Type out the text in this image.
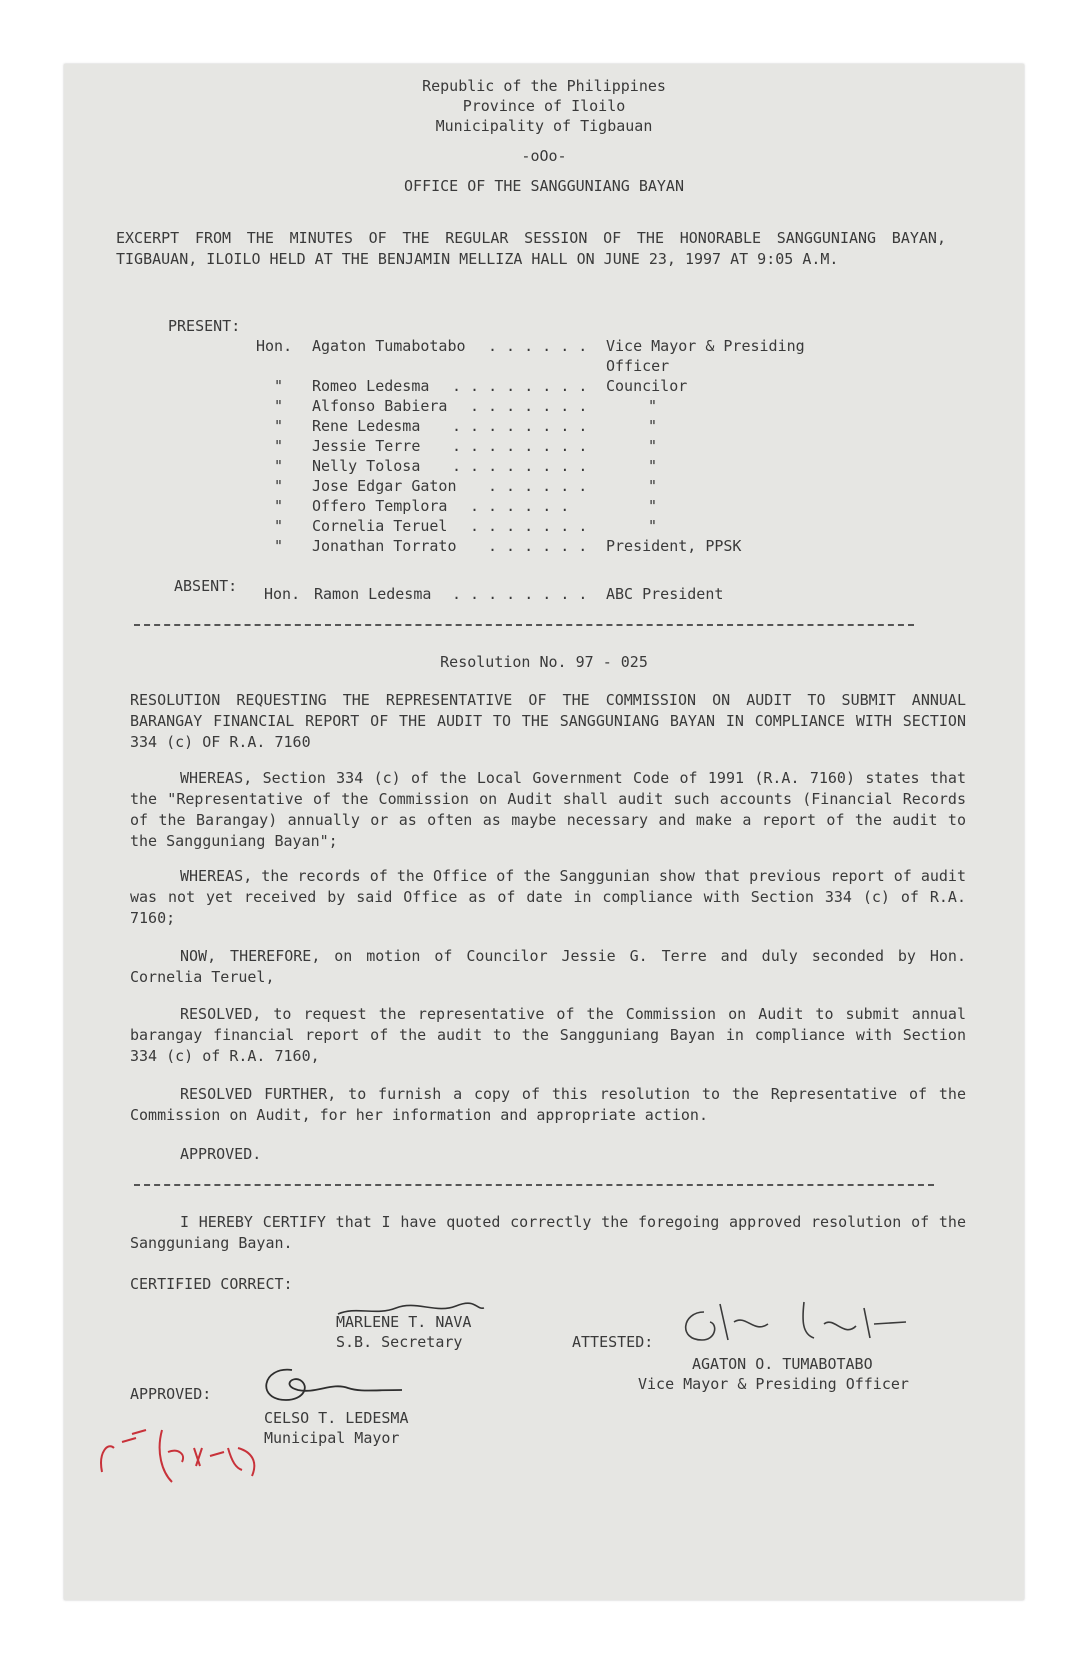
Republic of the Philippines
Province of Iloilo
Municipality of Tigbauan
-oOo-
OFFICE OF THE SANGGUNIANG BAYAN
EXCERPT FROM THE MINUTES OF THE REGULAR SESSION OF THE HONORABLE SANGGUNIANG BAYAN, TIGBAUAN, ILOILO HELD AT THE BENJAMIN MELLIZA HALL ON JUNE 23, 1997 AT 9:05 A.M.
PRESENT:
Hon. Agaton Tumabotabo . . . . . . Vice Mayor & Presiding
Officer
" Romeo Ledesma . . . . . . . . Councilor
" Alfonso Babiera . . . . . . .	"
" Rene Ledesma . . . . . . . .	"
" Jessie Terre . . . . . . . .	"
" Nelly Tolosa . . . . . . . .	"
" Jose Edgar Gaton . . . . . .	"
" Offero Templora . . . . . .	"
" Cornelia Teruel . . . . . . .	"
" Jonathan Torrato . . . . . . President, PPSK
ABSENT: Hon. Ramon Ledesma . . . . . . . . ABC President
Resolution No. 97 - 025
RESOLUTION REQUESTING THE REPRESENTATIVE OF THE COMMISSION ON AUDIT TO SUBMIT ANNUAL BARANGAY FINANCIAL REPORT OF THE AUDIT TO THE SANGGUNIANG BAYAN IN COMPLIANCE WITH SECTION 334 (c) OF R.A. 7160
WHEREAS, Section 334 (c) of the Local Government Code of 1991 (R.A. 7160) states that the "Representative of the Commission on Audit shall audit such accounts (Financial Records of the Barangay) annually or as often as maybe necessary and make a report of the audit to the Sangguniang Bayan";
WHEREAS, the records of the Office of the Sanggunian show that previous report of audit was not yet received by said Office as of date in compliance with Section 334 (c) of R.A. 7160;
NOW, THEREFORE, on motion of Councilor Jessie G. Terre and duly seconded by Hon. Cornelia Teruel,
RESOLVED, to request the representative of the Commission on Audit to submit annual barangay financial report of the audit to the Sangguniang Bayan in compliance with Section 334 (c) of R.A. 7160,
RESOLVED FURTHER, to furnish a copy of this resolution to the Representative of the Commission on Audit, for her information and appropriate action.
APPROVED.
I HEREBY CERTIFY that I have quoted correctly the foregoing approved resolution of the Sangguniang Bayan.
CERTIFIED CORRECT:
MARLENE T. NAVA
S.B. Secretary	ATTESTED:
AGATON O. TUMABOTABO
Vice Mayor & Presiding Officer
APPROVED:
CELSO T. LEDESMA
Municipal Mayor
